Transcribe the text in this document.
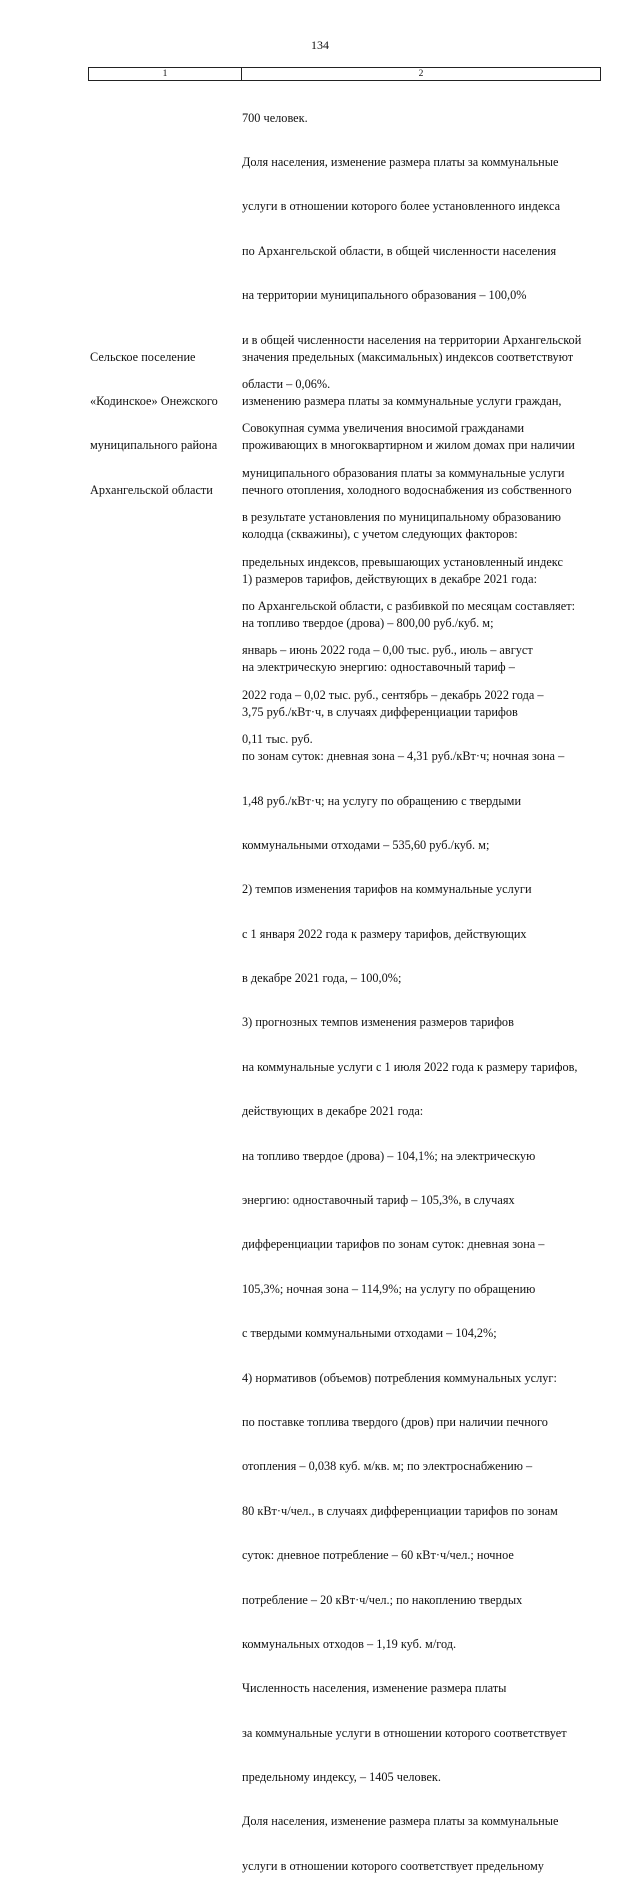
134
1	2

700 человек.

Доля населения, изменение размера платы за коммунальные

услуги в отношении которого более установленного индекса

по Архангельской области, в общей численности населения

на территории муниципального образования – 100,0%

и в общей численности населения на территории Архангельской

области – 0,06%.

Совокупная сумма увеличения вносимой гражданами

муниципального образования платы за коммунальные услуги

в результате установления по муниципальному образованию

предельных индексов, превышающих установленный индекс

по Архангельской области, с разбивкой по месяцам составляет:

январь – июнь 2022 года – 0,00 тыс. руб., июль – август

2022 года – 0,02 тыс. руб., сентябрь – декабрь 2022 года –

0,11 тыс. руб.

Сельское поселение

«Кодинское» Онежского

муниципального района

Архангельской области

значения предельных (максимальных) индексов соответствуют

изменению размера платы за коммунальные услуги граждан,

проживающих в многоквартирном и жилом домах при наличии

печного отопления, холодного водоснабжения из собственного

колодца (скважины), с учетом следующих факторов:

1) размеров тарифов, действующих в декабре 2021 года:

на топливо твердое (дрова) – 800,00 руб./куб. м;

на электрическую энергию: одноставочный тариф –

3,75 руб./кВт·ч, в случаях дифференциации тарифов

по зонам суток: дневная зона – 4,31 руб./кВт·ч; ночная зона –

1,48 руб./кВт·ч; на услугу по обращению с твердыми

коммунальными отходами – 535,60 руб./куб. м;

2) темпов изменения тарифов на коммунальные услуги

с 1 января 2022 года к размеру тарифов, действующих

в декабре 2021 года, – 100,0%;

3) прогнозных темпов изменения размеров тарифов

на коммунальные услуги с 1 июля 2022 года к размеру тарифов,

действующих в декабре 2021 года:

на топливо твердое (дрова) – 104,1%; на электрическую

энергию: одноставочный тариф – 105,3%, в случаях

дифференциации тарифов по зонам суток: дневная зона –

105,3%; ночная зона – 114,9%; на услугу по обращению

с твердыми коммунальными отходами – 104,2%;

4) нормативов (объемов) потребления коммунальных услуг:

по поставке топлива твердого (дров) при наличии печного

отопления – 0,038 куб. м/кв. м; по электроснабжению –

80 кВт·ч/чел., в случаях дифференциации тарифов по зонам

суток: дневное потребление – 60 кВт·ч/чел.; ночное

потребление – 20 кВт·ч/чел.; по накоплению твердых

коммунальных отходов – 1,19 куб. м/год.

Численность населения, изменение размера платы

за коммунальные услуги в отношении которого соответствует

предельному индексу, – 1405 человек.

Доля населения, изменение размера платы за коммунальные

услуги в отношении которого соответствует предельному
